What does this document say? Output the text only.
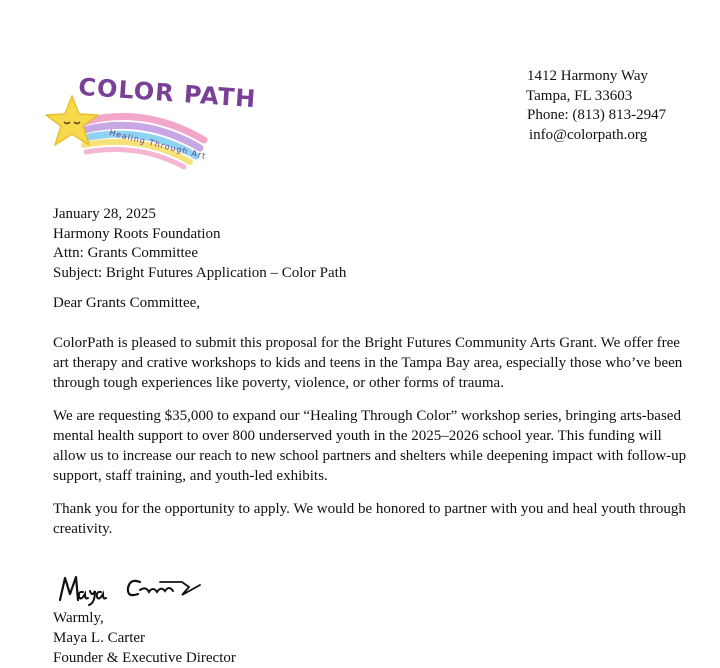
COLOR PATH
Healing Through Art
1412 Harmony Way
Tampa, FL 33603
Phone: (813) 813-2947
info@colorpath.org
January 28, 2025
Harmony Roots Foundation
Attn: Grants Committee
Subject: Bright Futures Application – Color Path
Dear Grants Committee,

ColorPath is pleased to submit this proposal for the Bright Futures Community Arts Grant. We offer free art therapy and crative workshops to kids and teens in the Tampa Bay area, especially those who’ve been through tough experiences like poverty, violence, or other forms of trauma.

We are requesting $35,000 to expand our “Healing Through Color” workshop series, bringing arts-based mental health support to over 800 underserved youth in the 2025–2026 school year. This funding will allow us to increase our reach to new school partners and shelters while deepening impact with follow-up support, staff training, and youth-led exhibits.

Thank you for the opportunity to apply. We would be honored to partner with you and heal youth through creativity.

Warmly,
Maya L. Carter
Founder & Executive Director
